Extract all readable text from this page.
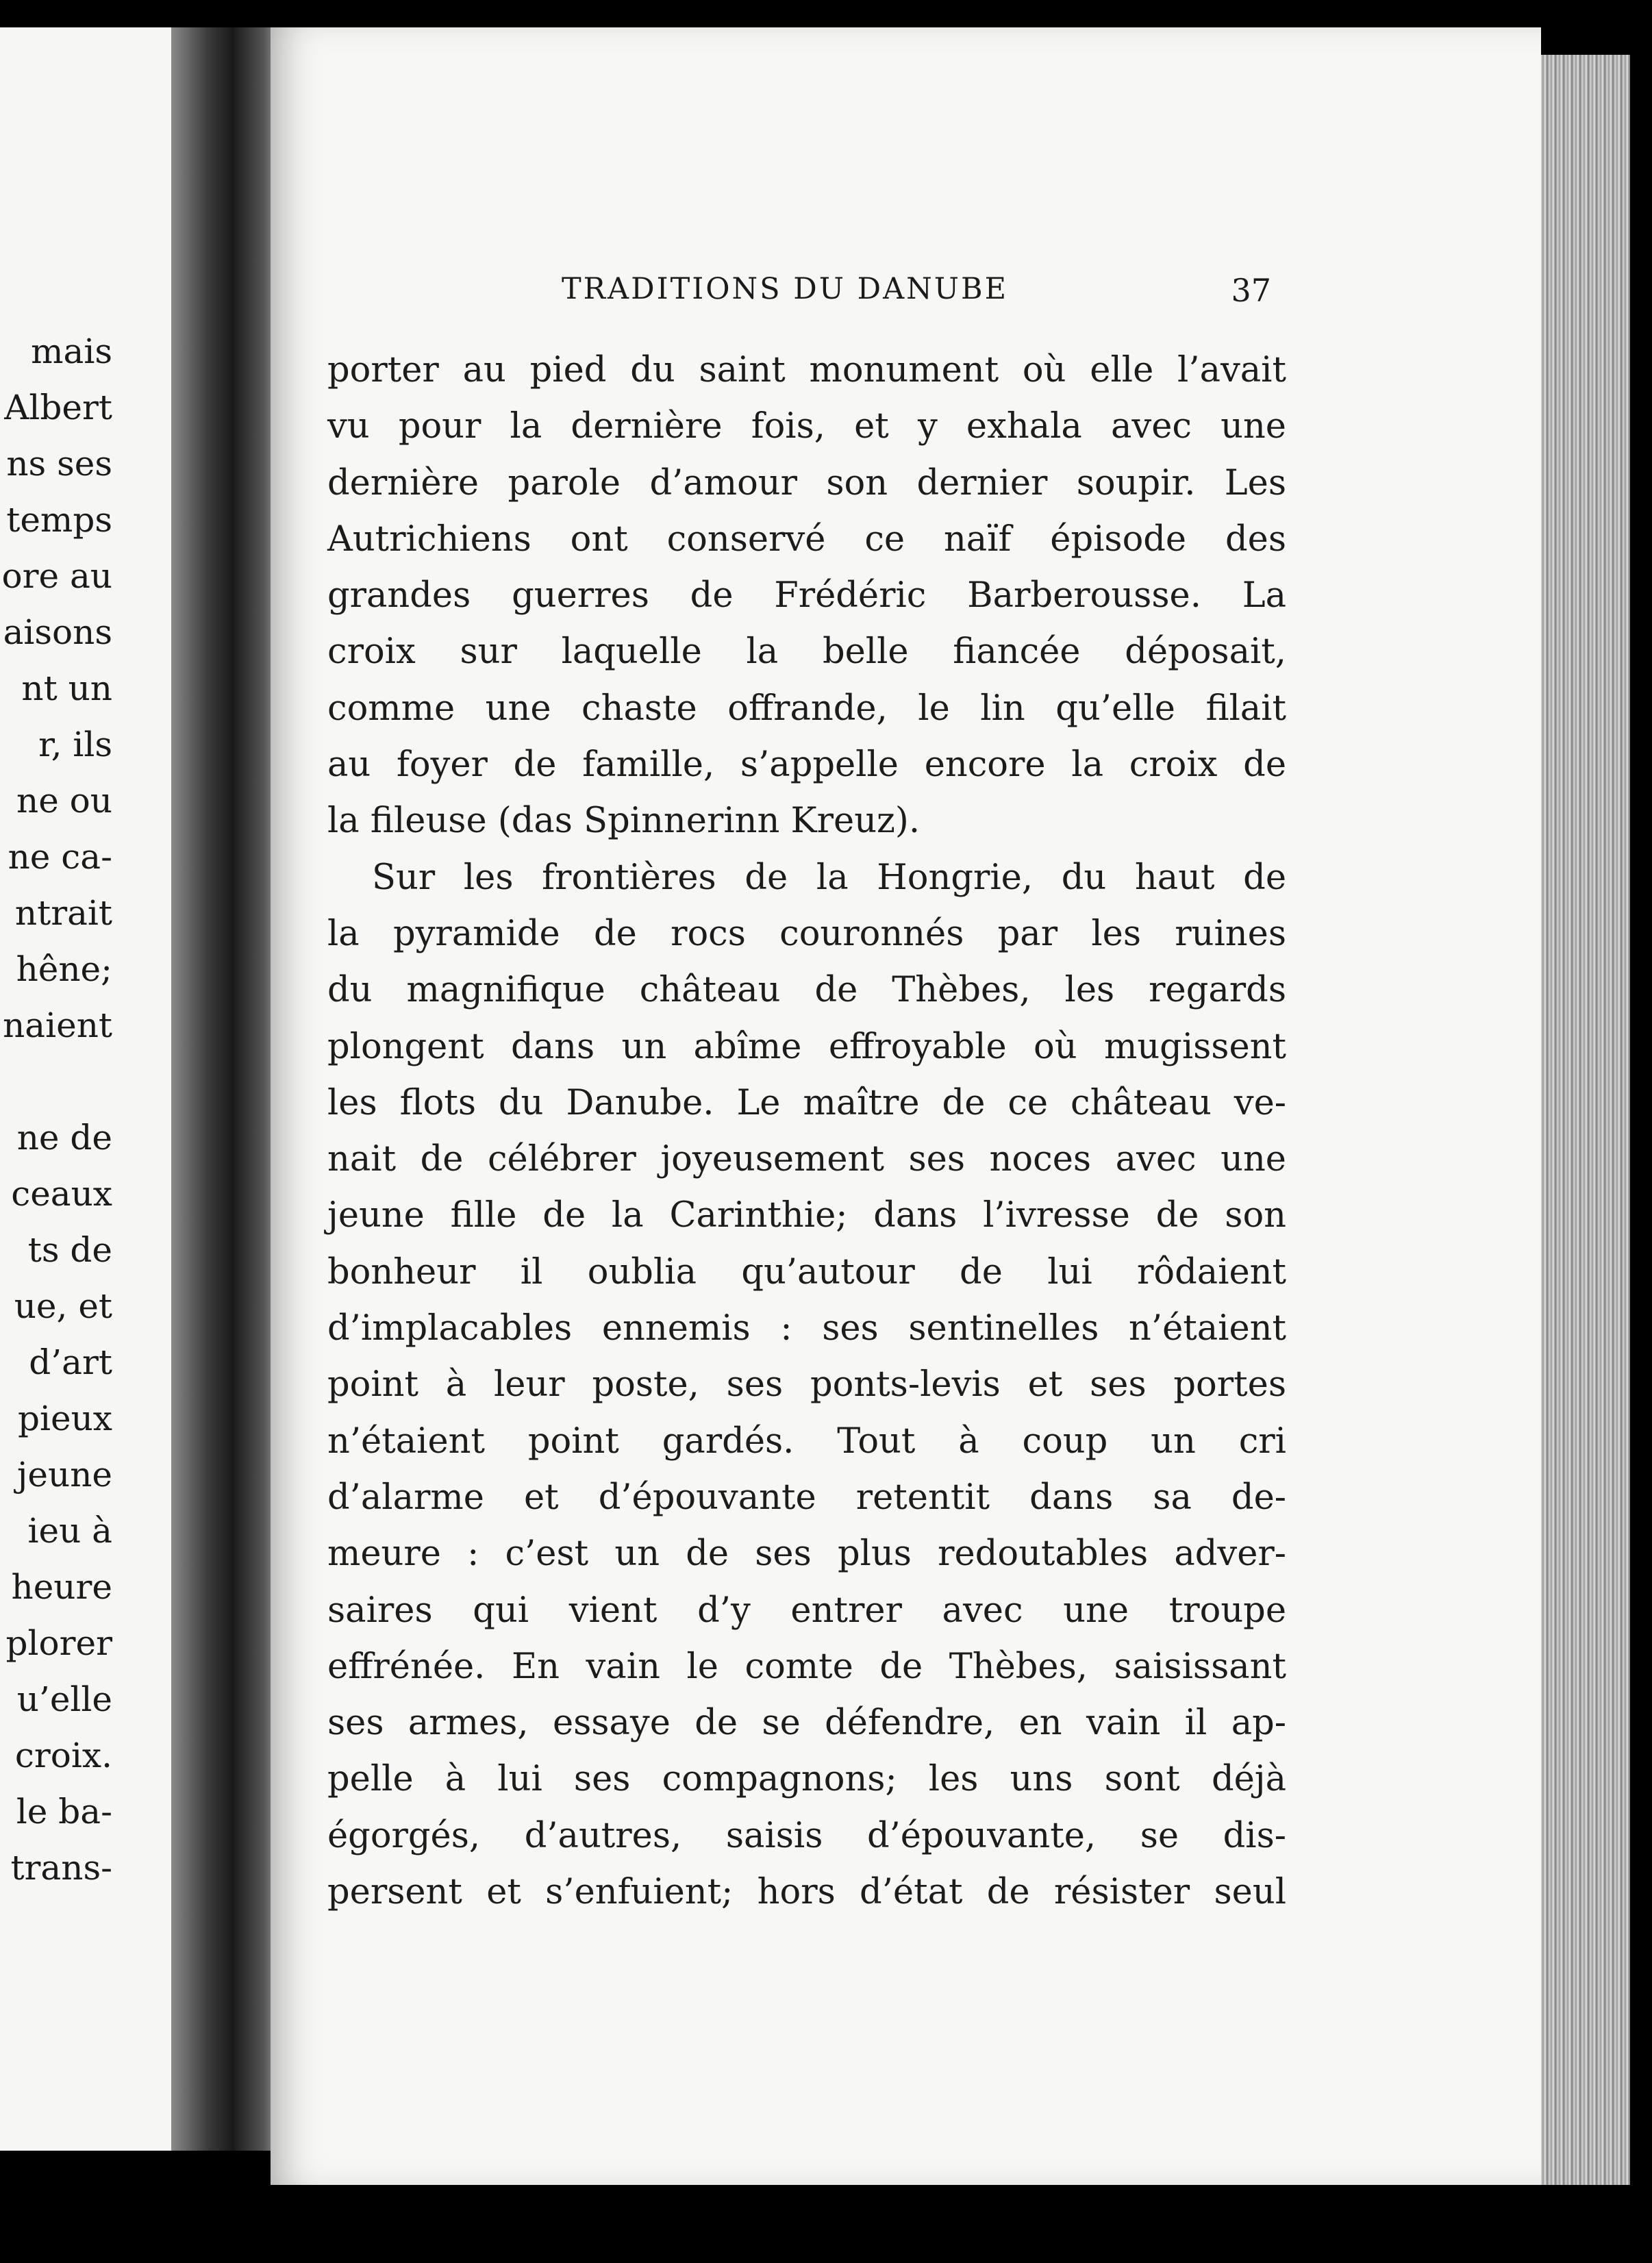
mais
Albert
ns ses
temps
ore au
aisons
nt un
r, ils
ne ou
ne ca-
ntrait
hêne;
naient
ne de
ceaux
ts de
ue, et
d’art
pieux
jeune
ieu à
heure
plorer
u’elle
croix.
le ba-
trans-
TRADITIONS DU DANUBE	37
porter au pied du saint monument où elle l’avait
vu pour la dernière fois, et y exhala avec une
dernière parole d’amour son dernier soupir. Les
Autrichiens ont conservé ce naïf épisode des
grandes guerres de Frédéric Barberousse. La
croix sur laquelle la belle fiancée déposait,
comme une chaste offrande, le lin qu’elle filait
au foyer de famille, s’appelle encore la croix de
la fileuse (das Spinnerinn Kreuz).
Sur les frontières de la Hongrie, du haut de
la pyramide de rocs couronnés par les ruines
du magnifique château de Thèbes, les regards
plongent dans un abîme effroyable où mugissent
les flots du Danube. Le maître de ce château ve-
nait de célébrer joyeusement ses noces avec une
jeune fille de la Carinthie; dans l’ivresse de son
bonheur il oublia qu’autour de lui rôdaient
d’implacables ennemis : ses sentinelles n’étaient
point à leur poste, ses ponts-levis et ses portes
n’étaient point gardés. Tout à coup un cri
d’alarme et d’épouvante retentit dans sa de-
meure : c’est un de ses plus redoutables adver-
saires qui vient d’y entrer avec une troupe
effrénée. En vain le comte de Thèbes, saisissant
ses armes, essaye de se défendre, en vain il ap-
pelle à lui ses compagnons; les uns sont déjà
égorgés, d’autres, saisis d’épouvante, se dis-
persent et s’enfuient; hors d’état de résister seul
